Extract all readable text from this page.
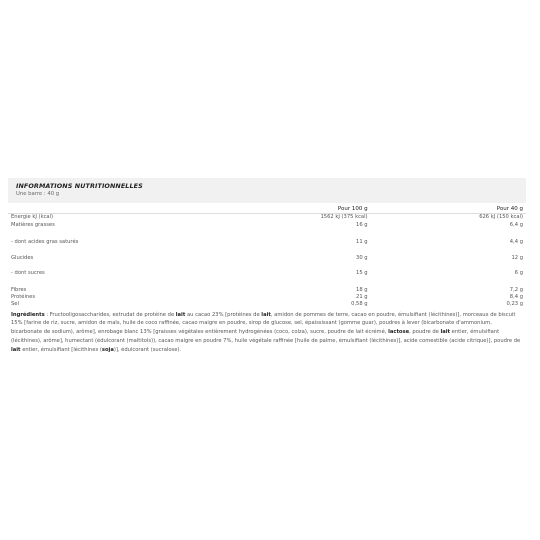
INFORMATIONS NUTRITIONNELLES
Une barre : 40 g
	Pour 100 g	Pour 40 g
Energie kJ (kcal)	1562 kJ (375 kcal)	626 kJ (150 kcal)
Matières grasses	16 g	6,4 g
- dont acides gras saturés	11 g	4,4 g
Glucides	30 g	12 g
- dont sucres	15 g	6 g
Fibres	18 g	7,2 g
Protéines	21 g	8,4 g
Sel	0,58 g	0,23 g
Ingrédients : Fructooligosaccharides, extrudat de protéine de lait au cacao 23% [protéines de lait, amidon de pommes de terre, cacao en poudre, émulsifiant (lécithines)], morceaux de biscuit 15% [farine de riz, sucre, amidon de maïs, huile de coco raffinée, cacao maigre en poudre, sirop de glucose, sel, épaississant (gomme guar), poudres à lever (bicarbonate d'ammonium, bicarbonate de sodium), arôme], enrobage blanc 13% [graisses végétales entièrement hydrogénées (coco, colza), sucre, poudre de lait écrémé, lactose, poudre de lait entier, émulsifiant (lécithines), arôme], humectant (édulcorant (maltitols)), cacao maigre en poudre 7%, huile végétale raffinée [huile de palme, émulsifiant (lécithines)], acide comestible (acide citrique)], poudre de lait entier, émulsifiant [lécithines (soja)], édulcorant (sucralose).
